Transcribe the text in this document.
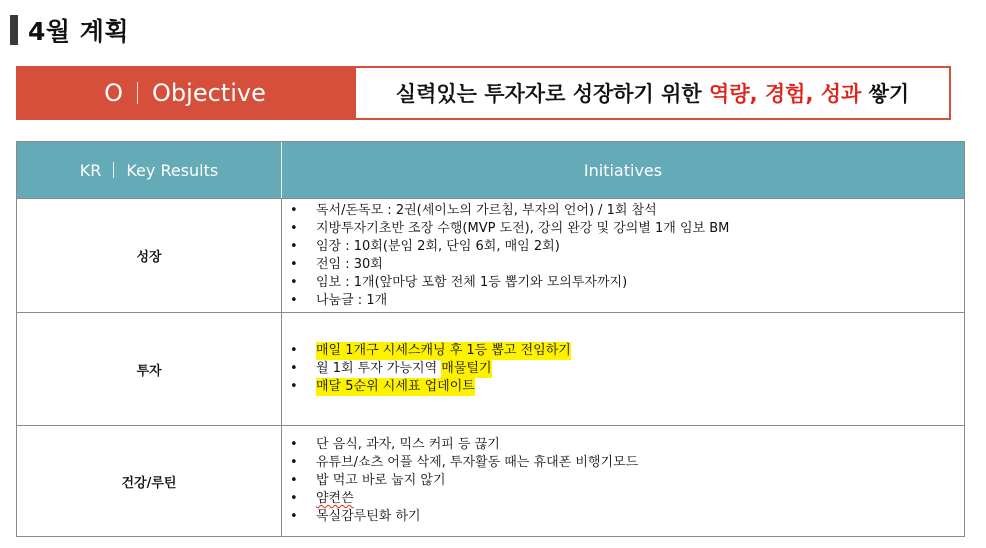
4월 계획
O Objective	실력있는 투자자로 성장하기 위한 역량, 경험, 성과 쌓기
KR Key Results	Initiatives
성장
•	독서/돈독모 : 2권(세이노의 가르침, 부자의 언어) / 1회 참석
•	지방투자기초반 조장 수행(MVP 도전), 강의 완강 및 강의별 1개 임보 BM
•	임장 : 10회(분임 2회, 단임 6회, 매임 2회)
•	전임 : 30회
•	임보 : 1개(앞마당 포함 전체 1등 뽑기와 모의투자까지)
•	나눔글 : 1개
투자
•	매일 1개구 시세스캐닝 후 1등 뽑고 전임하기
•	월 1회 투자 가능지역 매물털기
•	매달 5순위 시세표 업데이트
건강/루틴
•	단 음식, 과자, 믹스 커피 등 끊기
•	유튜브/쇼츠 어플 삭제, 투자활동 때는 휴대폰 비행기모드
•	밥 먹고 바로 눕지 않기
•	얌켠쓴
•	목실감루틴화 하기
